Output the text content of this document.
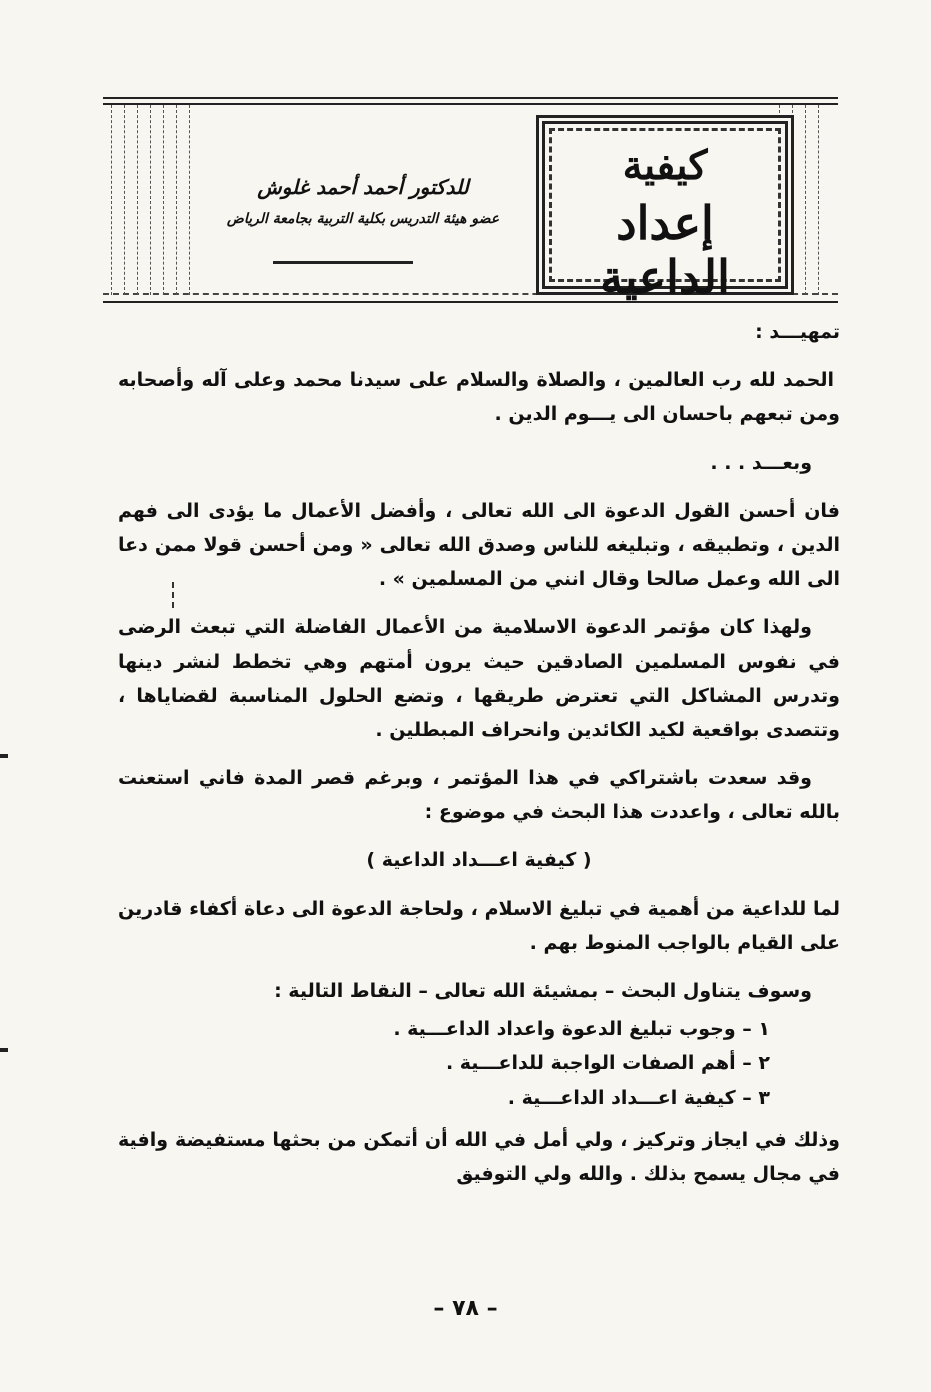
كيفية
إعداد الداعية
للدكتور أحمد أحمد غلوش
عضو هيئة التدريس بكلية التربية بجامعة الرياض

تمهيـــد :

الحمد لله رب العالمين ، والصلاة والسلام على سيدنا محمد وعلى آله وأصحابه ومن تبعهم باحسان الى يـــوم الدين .

وبعـــد . . .

فان أحسن القول الدعوة الى الله تعالى ، وأفضل الأعمال ما يؤدى الى فهم الدين ، وتطبيقه ، وتبليغه للناس وصدق الله تعالى « ومن أحسن قولا ممن دعا الى الله وعمل صالحا وقال انني من المسلمين » .

ولهذا كان مؤتمر الدعوة الاسلامية من الأعمال الفاضلة التي تبعث الرضى في نفوس المسلمين الصادقين حيث يرون أمتهم وهي تخطط لنشر دينها وتدرس المشاكل التي تعترض طريقها ، وتضع الحلول المناسبة لقضاياها ، وتتصدى بواقعية لكيد الكائدين وانحراف المبطلين .

وقد سعدت باشتراكي في هذا المؤتمر ، وبرغم قصر المدة فاني استعنت بالله تعالى ، واعددت هذا البحث في موضوع :

( كيفية اعـــداد الداعية )

لما للداعية من أهمية في تبليغ الاسلام ، ولحاجة الدعوة الى دعاة أكفاء قادرين على القيام بالواجب المنوط بهم .

وسوف يتناول البحث – بمشيئة الله تعالى – النقاط التالية :

١ – وجوب تبليغ الدعوة واعداد الداعـــية .
٢ – أهم الصفات الواجبة للداعـــية .
٣ – كيفية اعـــداد الداعـــية .

وذلك في ايجاز وتركيز ، ولي أمل في الله أن أتمكن من بحثها مستفيضة وافية في مجال يسمح بذلك . والله ولي التوفيق

– ٧٨ –
